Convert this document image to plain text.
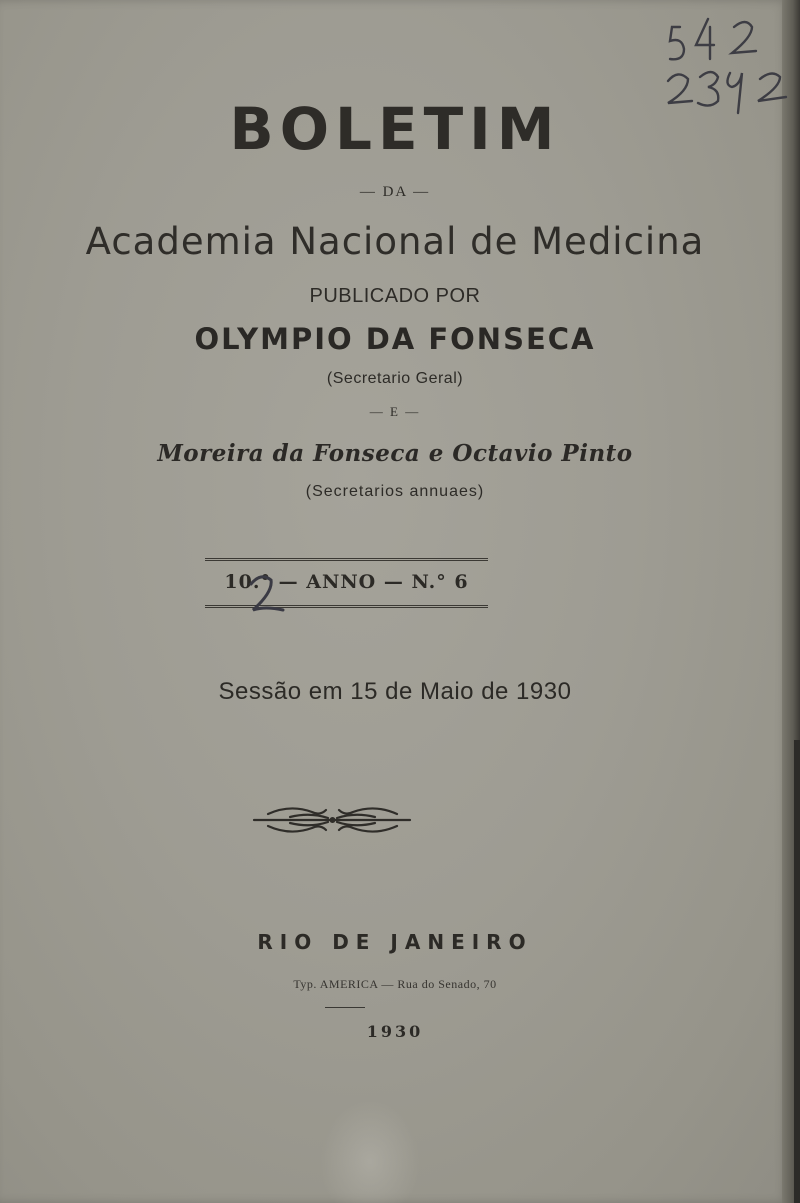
BOLETIM
— DA —
Academia Nacional de Medicina
PUBLICADO POR
OLYMPIO DA FONSECA
(Secretario Geral)
— E —
Moreira da Fonseca e Octavio Pinto
(Secretarios annuaes)
10.° — ANNO — N.° 6
Sessão em 15 de Maio de 1930
RIO DE JANEIRO
Typ. AMERICA — Rua do Senado, 70
1930
